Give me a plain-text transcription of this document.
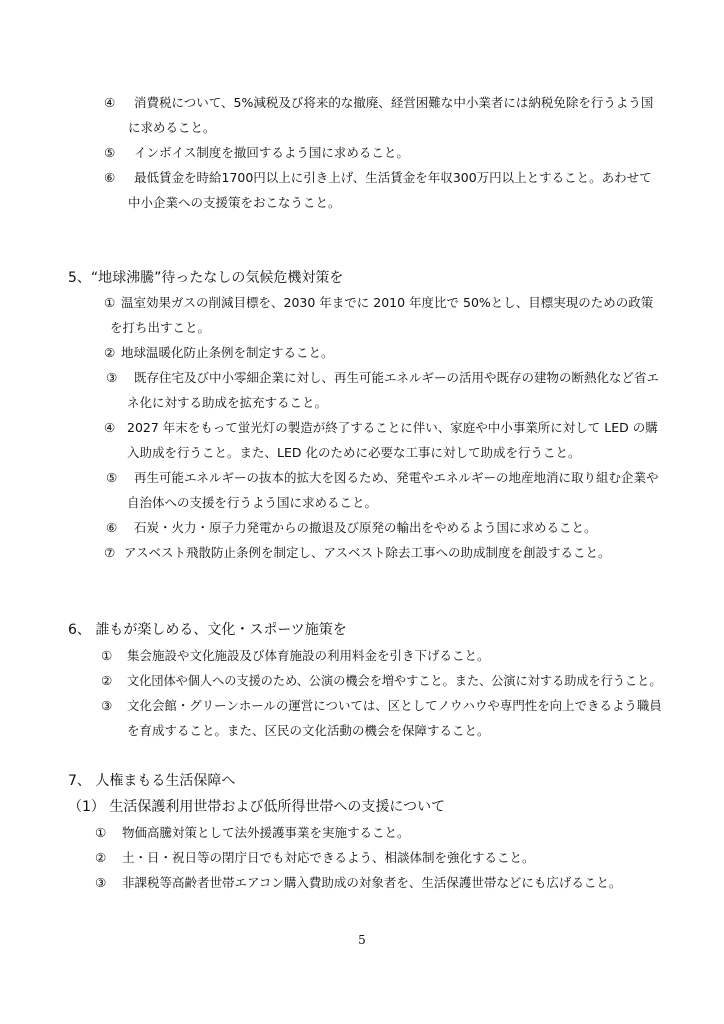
④ 消費税について、5%減税及び将来的な撤廃、経営困難な中小業者には納税免除を行うよう国
に求めること。
⑤ インボイス制度を撤回するよう国に求めること。
⑥ 最低賃金を時給1700円以上に引き上げ、生活賃金を年収300万円以上とすること。あわせて
中小企業への支援策をおこなうこと。
5、“地球沸騰”待ったなしの気候危機対策を
① 温室効果ガスの削減目標を、2030 年までに 2010 年度比で 50%とし、目標実現のための政策
を打ち出すこと。
② 地球温暖化防止条例を制定すること。
③ 既存住宅及び中小零細企業に対し、再生可能エネルギーの活用や既存の建物の断熱化など省エ
ネ化に対する助成を拡充すること。
④ 2027 年末をもって蛍光灯の製造が終了することに伴い、家庭や中小事業所に対して LED の購
入助成を行うこと。また、LED 化のために必要な工事に対して助成を行うこと。
⑤ 再生可能エネルギーの抜本的拡大を図るため、発電やエネルギーの地産地消に取り組む企業や
自治体への支援を行うよう国に求めること。
⑥ 石炭・火力・原子力発電からの撤退及び原発の輸出をやめるよう国に求めること。
⑦ アスベスト飛散防止条例を制定し、アスベスト除去工事への助成制度を創設すること。
6、 誰もが楽しめる、文化・スポーツ施策を
① 集会施設や文化施設及び体育施設の利用料金を引き下げること。
② 文化団体や個人への支援のため、公演の機会を増やすこと。また、公演に対する助成を行うこと。
③ 文化会館・グリーンホールの運営については、区としてノウハウや専門性を向上できるよう職員
を育成すること。また、区民の文化活動の機会を保障すること。
7、 人権まもる生活保障へ
（1） 生活保護利用世帯および低所得世帯への支援について
① 物価高騰対策として法外援護事業を実施すること。
② 土・日・祝日等の閉庁日でも対応できるよう、相談体制を強化すること。
③ 非課税等高齢者世帯エアコン購入費助成の対象者を、生活保護世帯などにも広げること。
5
